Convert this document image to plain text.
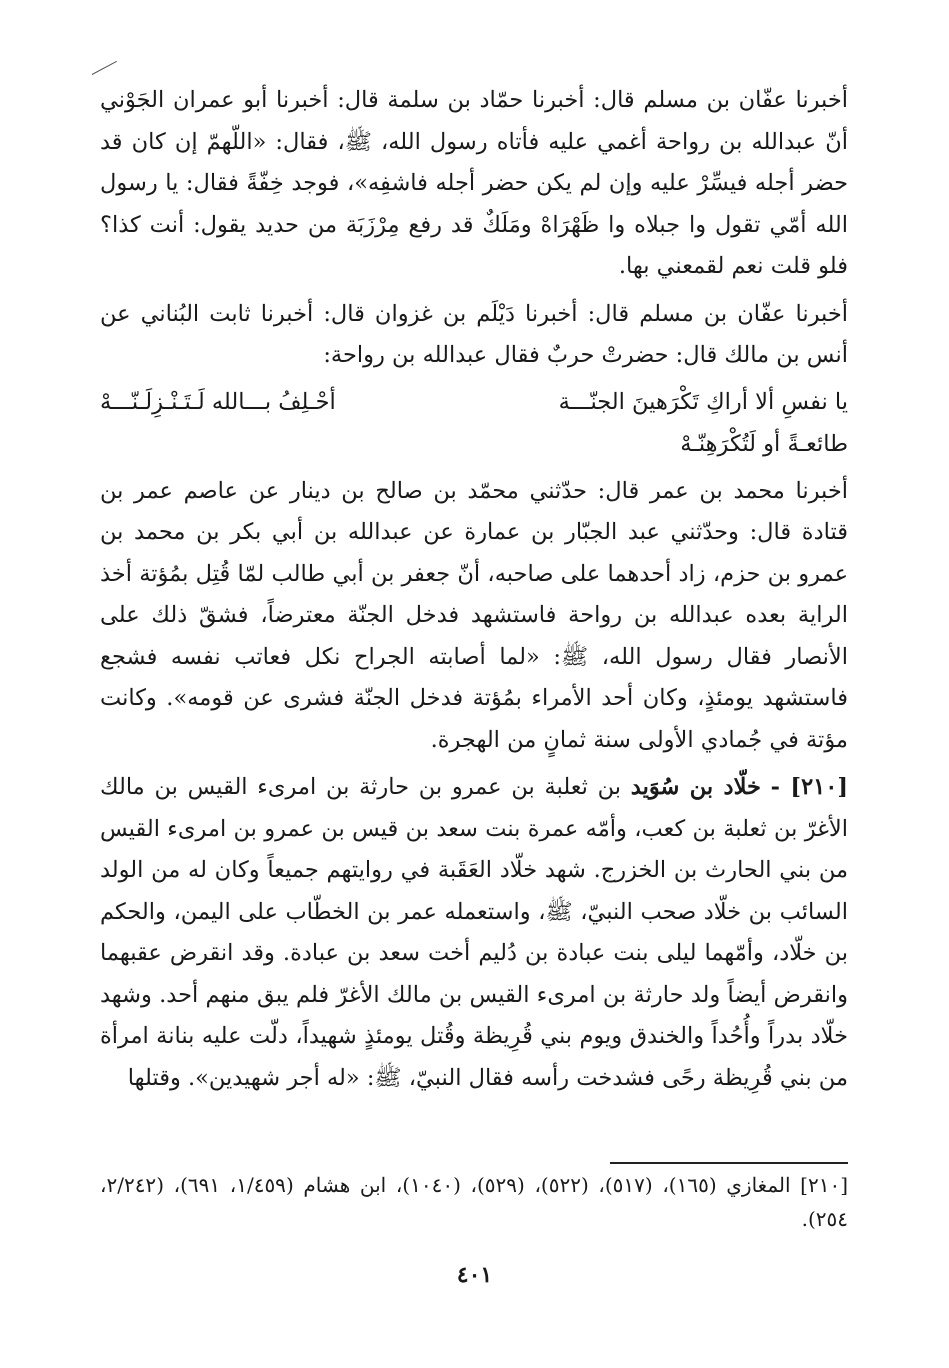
أخبرنا عفّان بن مسلم قال: أخبرنا حمّاد بن سلمة قال: أخبرنا أبو عمران الجَوْني أنّ عبدالله بن رواحة أغمي عليه فأتاه رسول الله، ﷺ، فقال: «اللّهمّ إن كان قد حضر أجله فيسِّرْ عليه وإن لم يكن حضر أجله فاشفِه»، فوجد خِفّةً فقال: يا رسول الله أمّي تقول وا جبلاه وا ظَهْرَاهْ ومَلَكٌ قد رفع مِرْزَبَة من حديد يقول: أنت كذا؟ فلو قلت نعم لقمعني بها.

أخبرنا عفّان بن مسلم قال: أخبرنا دَيْلَم بن غزوان قال: أخبرنا ثابت البُناني عن أنس بن مالك قال: حضرتْ حربٌ فقال عبدالله بن رواحة:

يا نفسِ ألا أراكِ تَكْرَهينَ الجنّـــة
أحْـلِفُ بـــالله لَـتَـنْـزِلَـنّـــهْ
طائعـةً أو لَتُكْرَهِنّـهْ

أخبرنا محمد بن عمر قال: حدّثني محمّد بن صالح بن دينار عن عاصم عمر بن قتادة قال: وحدّثني عبد الجبّار بن عمارة عن عبدالله بن أبي بكر بن محمد بن عمرو بن حزم، زاد أحدهما على صاحبه، أنّ جعفر بن أبي طالب لمّا قُتِل بمُؤتة أخذ الراية بعده عبدالله بن رواحة فاستشهد فدخل الجنّة معترضاً، فشقّ ذلك على الأنصار فقال رسول الله، ﷺ: «لما أصابته الجراح نكل فعاتب نفسه فشجع فاستشهد يومئذٍ، وكان أحد الأمراء بمُؤتة فدخل الجنّة فشرى عن قومه». وكانت مؤتة في جُمادي الأولى سنة ثمانٍ من الهجرة.

[٢١٠] - خلّاد بن سُوَيد بن ثعلبة بن عمرو بن حارثة بن امرىء القيس بن مالك الأغرّ بن ثعلبة بن كعب، وأمّه عمرة بنت سعد بن قيس بن عمرو بن امرىء القيس من بني الحارث بن الخزرج. شهد خلّاد العَقَبة في روايتهم جميعاً وكان له من الولد السائب بن خلّاد صحب النبيّ، ﷺ، واستعمله عمر بن الخطّاب على اليمن، والحكم بن خلّاد، وأمّهما ليلى بنت عبادة بن دُليم أخت سعد بن عبادة. وقد انقرض عقبهما وانقرض أيضاً ولد حارثة بن امرىء القيس بن مالك الأغرّ فلم يبق منهم أحد. وشهد خلّاد بدراً وأُحُداً والخندق ويوم بني قُرِيظة وقُتل يومئذٍ شهيداً، دلّت عليه بنانة امرأة من بني قُرِيظة رحًى فشدخت رأسه فقال النبيّ، ﷺ: «له أجر شهيدين». وقتلها

[٢١٠] المغازي (١٦٥)، (٥١٧)، (٥٢٢)، (٥٢٩)، (١٠٤٠)، ابن هشام (١/٤٥٩، ٦٩١)، (٢/٢٤٢، ٢٥٤).

٤٠١
